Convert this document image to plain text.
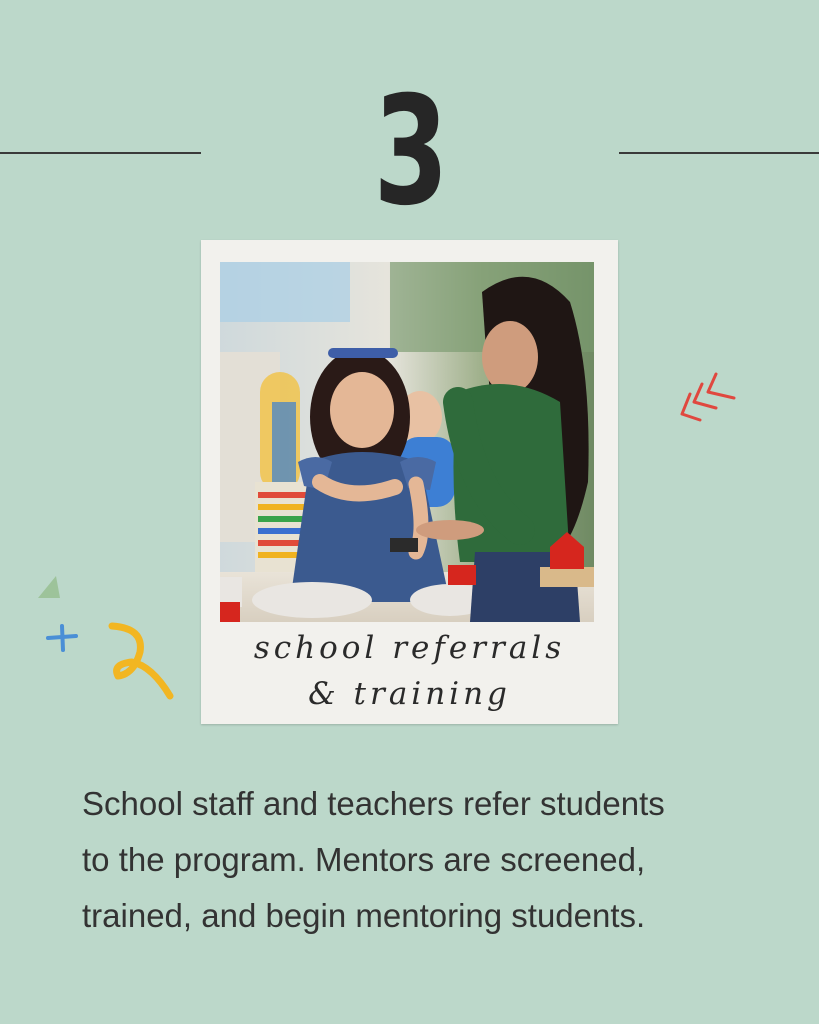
3
school referrals
& training
School staff and teachers refer students
to the program. Mentors are screened,
trained, and begin mentoring students.
